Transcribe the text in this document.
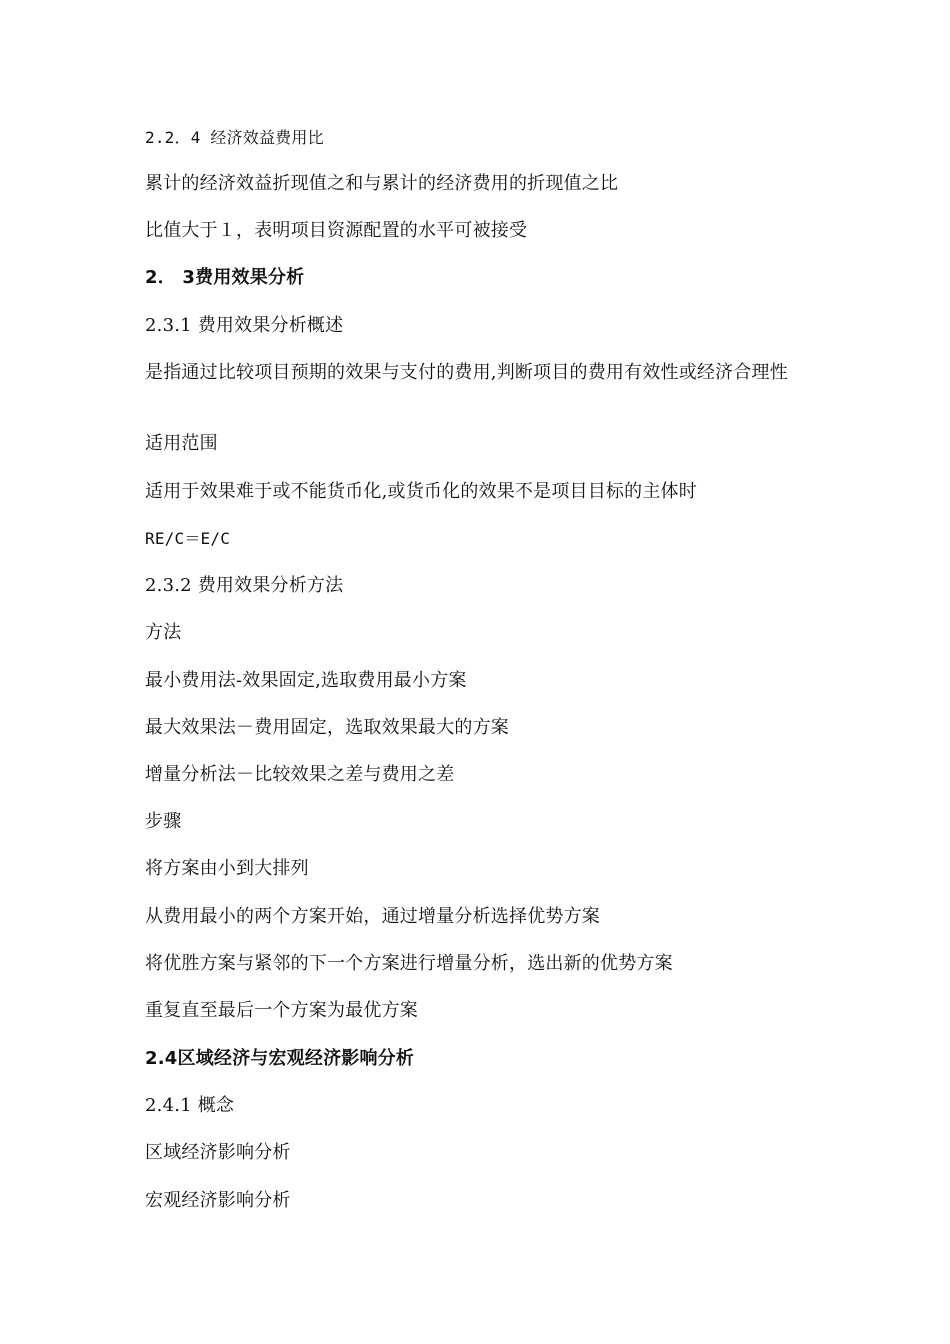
2.2．4 经济效益费用比
累计的经济效益折现值之和与累计的经济费用的折现值之比
比值大于１，表明项目资源配置的水平可被接受
2． 3费用效果分析
2.3.1 费用效果分析概述
是指通过比较项目预期的效果与支付的费用,判断项目的费用有效性或经济合理性
适用范围
适用于效果难于或不能货币化,或货币化的效果不是项目目标的主体时
RE/C＝E/C
2.3.2 费用效果分析方法
方法
最小费用法-效果固定,选取费用最小方案
最大效果法－费用固定，选取效果最大的方案
增量分析法－比较效果之差与费用之差
步骤
将方案由小到大排列
从费用最小的两个方案开始，通过增量分析选择优势方案
将优胜方案与紧邻的下一个方案进行增量分析，选出新的优势方案
重复直至最后一个方案为最优方案
2.4区域经济与宏观经济影响分析
2.4.1 概念
区域经济影响分析
宏观经济影响分析
